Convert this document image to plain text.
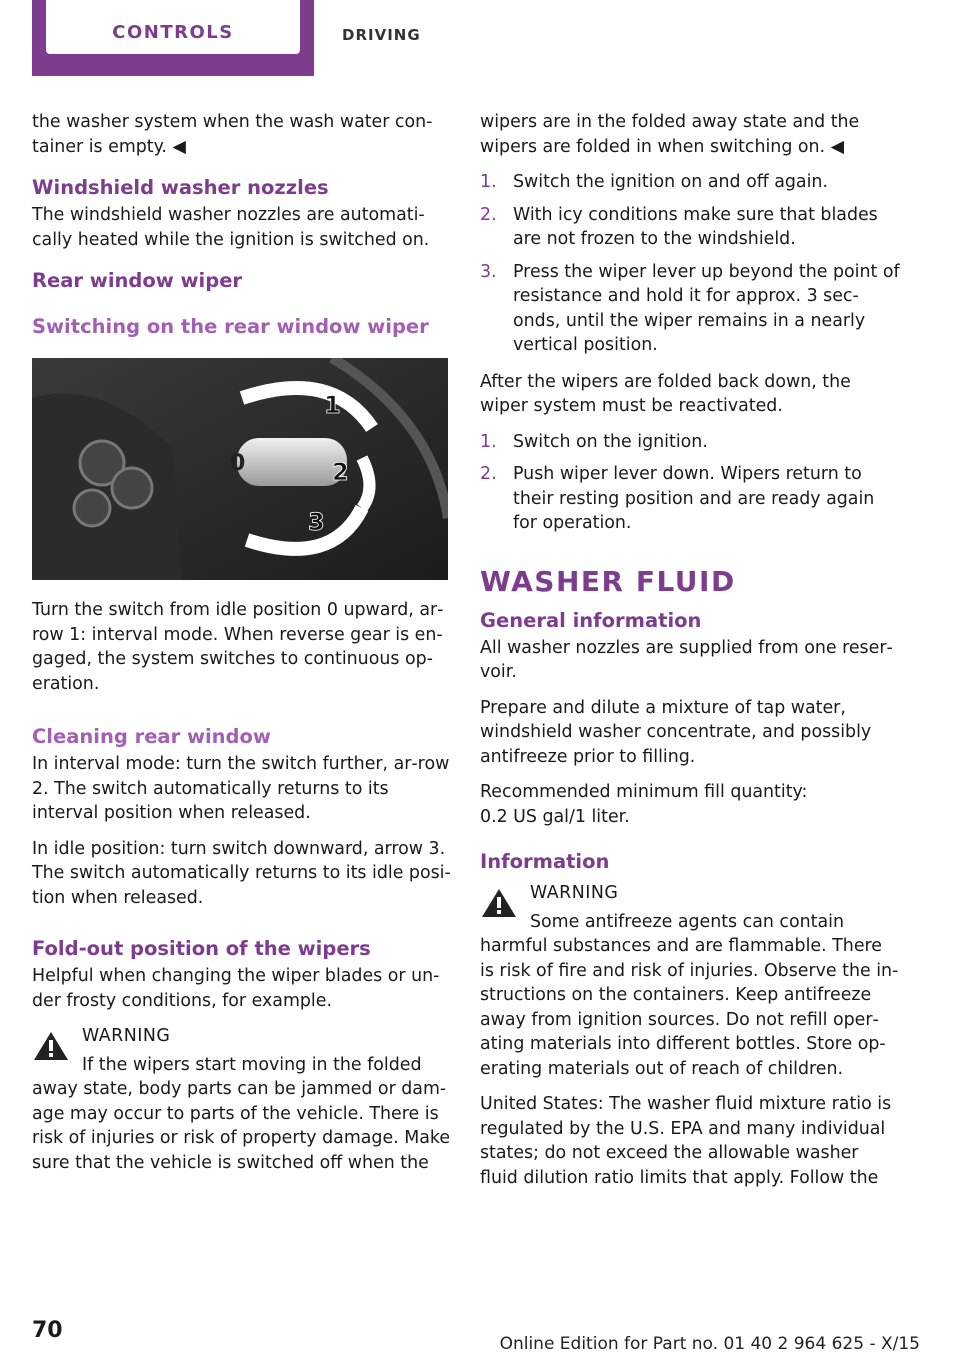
CONTROLS	DRIVING

the washer system when the wash water con‐tainer is empty. ◀

Windshield washer nozzles

The windshield washer nozzles are automati‐cally heated while the ignition is switched on.

Rear window wiper
Switching on the rear window wiper
0
1
2
3

Turn the switch from idle position 0 upward, ar‐row 1: interval mode. When reverse gear is en‐gaged, the system switches to continuous op‐eration.

Cleaning rear window

In interval mode: turn the switch further, ar‐row 2. The switch automatically returns to its interval position when released.

In idle position: turn switch downward, arrow 3. The switch automatically returns to its idle posi‐tion when released.

Fold-out position of the wipers

Helpful when changing the wiper blades or un‐der frosty conditions, for example.

WARNING

If the wipers start moving in the folded

away state, body parts can be jammed or dam‐age may occur to parts of the vehicle. There is risk of injuries or risk of property damage. Make sure that the vehicle is switched off when the

wipers are in the folded away state and the wipers are folded in when switching on. ◀

1. Switch the ignition on and off again.
2. With icy conditions make sure that blades are not frozen to the windshield.
3. Press the wiper lever up beyond the point of resistance and hold it for approx. 3 sec‐onds, until the wiper remains in a nearly vertical position.

After the wipers are folded back down, the wiper system must be reactivated.

1. Switch on the ignition.
2. Push wiper lever down. Wipers return to their resting position and are ready again for operation.
WASHER FLUID
General information

All washer nozzles are supplied from one reser‐voir.

Prepare and dilute a mixture of tap water, windshield washer concentrate, and possibly antifreeze prior to filling.

Recommended minimum fill quantity:

0.2 US gal/1 liter.

Information

WARNING

Some antifreeze agents can contain

harmful substances and are flammable. There is risk of fire and risk of injuries. Observe the in‐structions on the containers. Keep antifreeze away from ignition sources. Do not refill oper‐ating materials into different bottles. Store op‐erating materials out of reach of children.

United States: The washer fluid mixture ratio is regulated by the U.S. EPA and many individual states; do not exceed the allowable washer fluid dilution ratio limits that apply. Follow the

70
Online Edition for Part no. 01 40 2 964 625 - X/15
